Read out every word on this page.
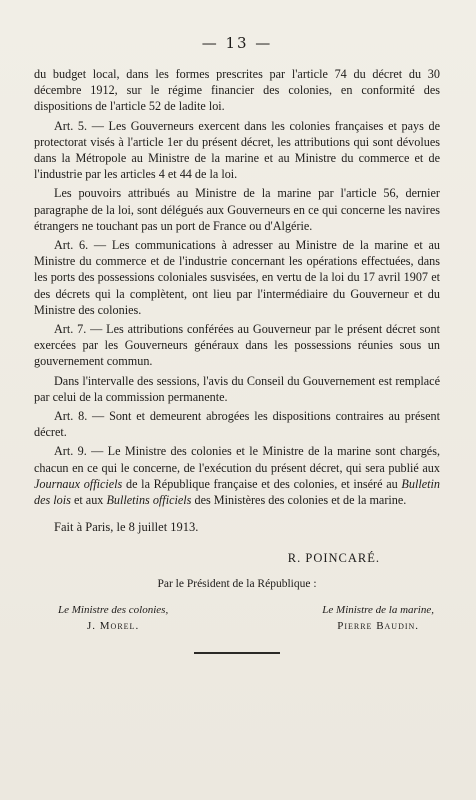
— 13 —

du budget local, dans les formes prescrites par l'article 74 du décret du 30 décembre 1912, sur le régime financier des colonies, en conformité des dispositions de l'article 52 de ladite loi.

Art. 5. — Les Gouverneurs exercent dans les colonies françaises et pays de protectorat visés à l'article 1er du présent décret, les attributions qui sont dévolues dans la Métropole au Ministre de la marine et au Ministre du commerce et de l'industrie par les articles 4 et 44 de la loi.

Les pouvoirs attribués au Ministre de la marine par l'article 56, dernier paragraphe de la loi, sont délégués aux Gouverneurs en ce qui concerne les navires étrangers ne touchant pas un port de France ou d'Algérie.

Art. 6. — Les communications à adresser au Ministre de la marine et au Ministre du commerce et de l'industrie concernant les opérations effectuées, dans les ports des possessions coloniales susvisées, en vertu de la loi du 17 avril 1907 et des décrets qui la complètent, ont lieu par l'intermédiaire du Gouverneur et du Ministre des colonies.

Art. 7. — Les attributions conférées au Gouverneur par le présent décret sont exercées par les Gouverneurs généraux dans les possessions réunies sous un gouvernement commun.

Dans l'intervalle des sessions, l'avis du Conseil du Gouvernement est remplacé par celui de la commission permanente.

Art. 8. — Sont et demeurent abrogées les dispositions contraires au présent décret.

Art. 9. — Le Ministre des colonies et le Ministre de la marine sont chargés, chacun en ce qui le concerne, de l'exécution du présent décret, qui sera publié aux Journaux officiels de la République française et des colonies, et inséré au Bulletin des lois et aux Bulletins officiels des Ministères des colonies et de la marine.

Fait à Paris, le 8 juillet 1913.
R. POINCARÉ.
Par le Président de la République :
Le Ministre des colonies,
J. Morel.
Le Ministre de la marine,
Pierre Baudin.
